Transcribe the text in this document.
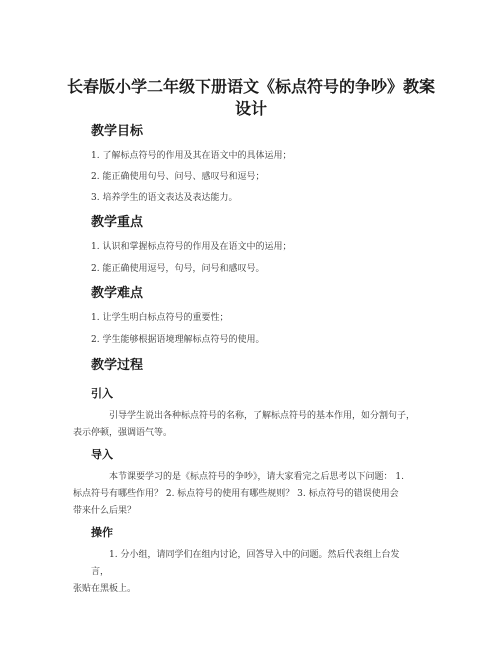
长春版小学二年级下册语文《标点符号的争吵》教案
设计
教学目标

1. 了解标点符号的作用及其在语文中的具体运用；

2. 能正确使用句号、问号、感叹号和逗号；

3. 培养学生的语文表达及表达能力。

教学重点

1. 认识和掌握标点符号的作用及在语文中的运用；

2. 能正确使用逗号，句号，问号和感叹号。

教学难点

1. 让学生明白标点符号的重要性；

2. 学生能够根据语境理解标点符号的使用。

教学过程
引入

引导学生说出各种标点符号的名称，了解标点符号的基本作用，如分割句子，
表示停顿，强调语气等。

导入

本节课要学习的是《标点符号的争吵》，请大家看完之后思考以下问题： 1.
标点符号有哪些作用？ 2. 标点符号的使用有哪些规则？ 3. 标点符号的错误使用会
带来什么后果？

操作

1. 分小组，请同学们在组内讨论，回答导入中的问题。然后代表组上台发言，
张贴在黑板上。
